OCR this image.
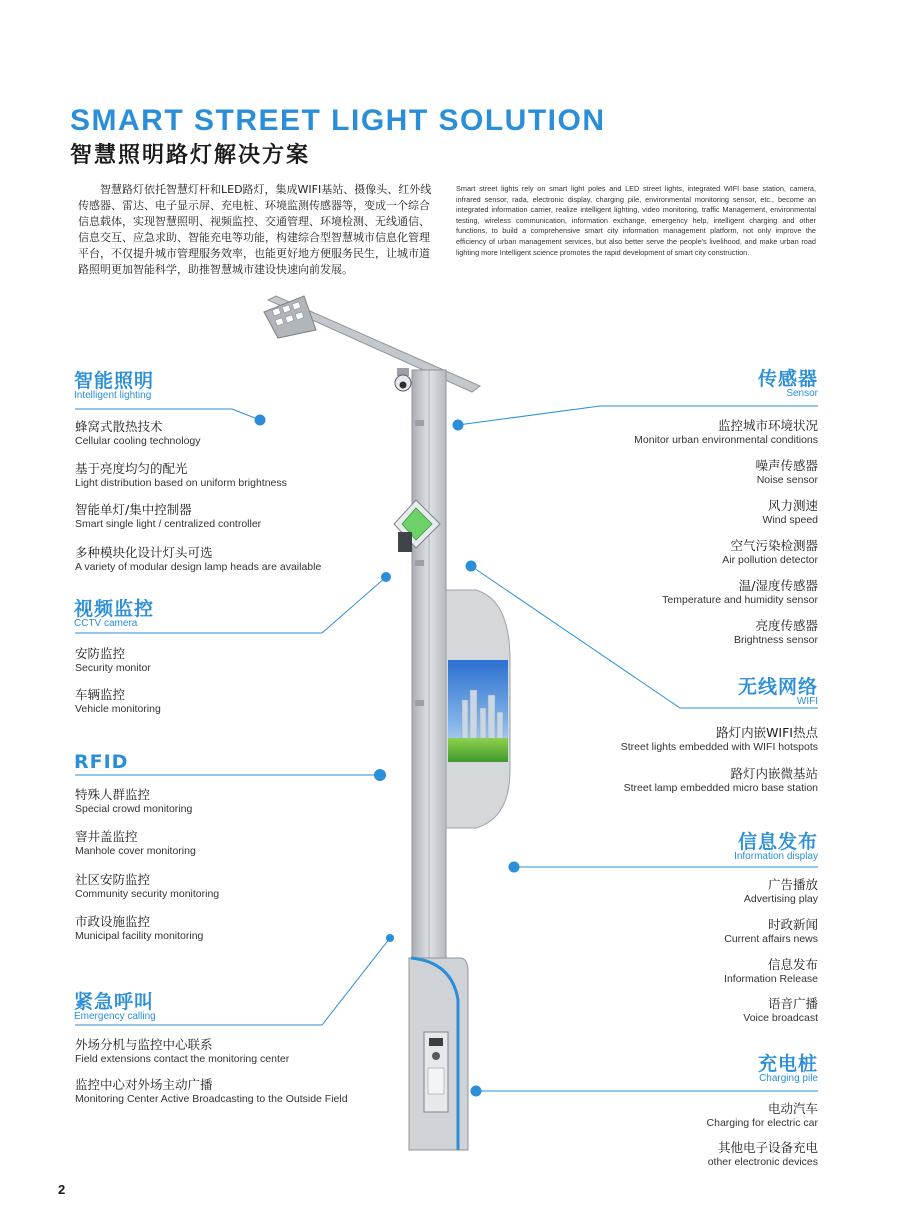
SMART STREET LIGHT SOLUTION
智慧照明路灯解决方案
智慧路灯依托智慧灯杆和LED路灯，集成WIFI基站、摄像头、红外线传感器、雷达、电子显示屏、充电桩、环境监测传感器等，变成一个综合信息载体，实现智慧照明、视频监控、交通管理、环境检测、无线通信、信息交互、应急求助、智能充电等功能，构建综合型智慧城市信息化管理平台，不仅提升城市管理服务效率，也能更好地方便服务民生，让城市道路照明更加智能科学，助推智慧城市建设快速向前发展。
Smart street lights rely on smart light poles and LED street lights, integrated WIFI base station, camera, infrared sensor, rada, electronic display, charging pile, environmental monitoring sensor, etc., become an integrated information carrier, realize intelligent lighting, video monitoring, traffic Management, environmental testing, wireless communication, information exchange, emergency help, intelligent charging and other functions, to build a comprehensive smart city information management platform, not only improve the efficiency of urban management services, but also better serve the people's livelihood, and make urban road lighting more Intelligent science promotes the rapid development of smart city construction.
智能照明
Intelligent lighting
蜂窝式散热技术
Cellular cooling technology
基于亮度均匀的配光
Light distribution based on uniform brightness
智能单灯/集中控制器
Smart single light / centralized controller
多种模块化设计灯头可选
A variety of modular design lamp heads are available
视频监控
CCTV camera
安防监控
Security monitor
车辆监控
Vehicle monitoring
RFID
特殊人群监控
Special crowd monitoring
窨井盖监控
Manhole cover monitoring
社区安防监控
Community security monitoring
市政设施监控
Municipal facility monitoring
紧急呼叫
Emergency calling
外场分机与监控中心联系
Field extensions contact the monitoring center
监控中心对外场主动广播
Monitoring Center Active Broadcasting to the Outside Field
传感器
Sensor
监控城市环境状况
Monitor urban environmental conditions
噪声传感器
Noise sensor
风力测速
Wind speed
空气污染检测器
Air pollution detector
温/湿度传感器
Temperature and humidity sensor
亮度传感器
Brightness sensor
无线网络
WIFI
路灯内嵌WIFI热点
Street lights embedded with WIFI hotspots
路灯内嵌微基站
Street lamp embedded micro base station
信息发布
Information display
广告播放
Advertising play
时政新闻
Current affairs news
信息发布
Information Release
语音广播
Voice broadcast
充电桩
Charging pile
电动汽车
Charging for electric car
其他电子设备充电
other electronic devices
2
